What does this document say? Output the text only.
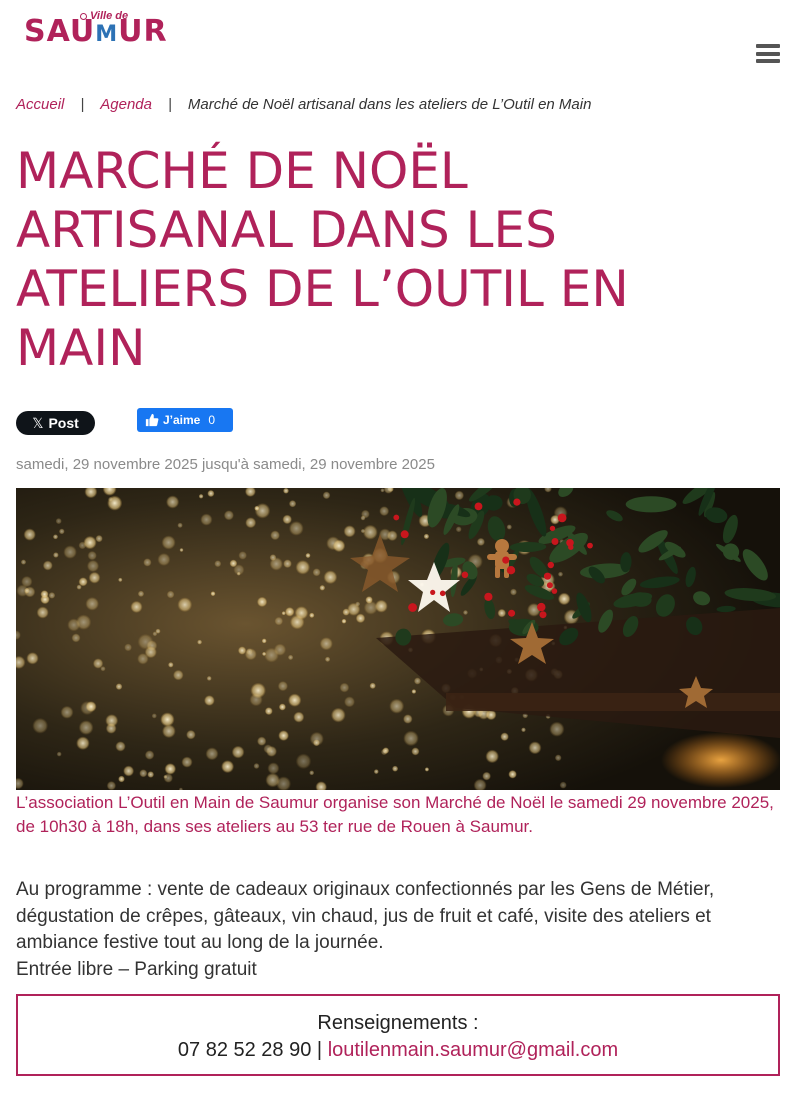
Ville de
SAUMUR
Accueil | Agenda | Marché de Noël artisanal dans les ateliers de L’Outil en Main
MARCHÉ DE NOËL ARTISANAL DANS LES ATELIERS DE L’OUTIL EN MAIN
𝕏 Post	J’aime 0
samedi, 29 novembre 2025 jusqu'à samedi, 29 novembre 2025

L’association L’Outil en Main de Saumur organise son Marché de Noël le samedi 29 novembre 2025, de 10h30 à 18h, dans ses ateliers au 53 ter rue de Rouen à Saumur.

Au programme : vente de cadeaux originaux confectionnés par les Gens de Métier, dégustation de crêpes, gâteaux, vin chaud, jus de fruit et café, visite des ateliers et ambiance festive tout au long de la journée.

Entrée libre – Parking gratuit

Renseignements :
07 82 52 28 90 | loutilenmain.saumur@gmail.com
